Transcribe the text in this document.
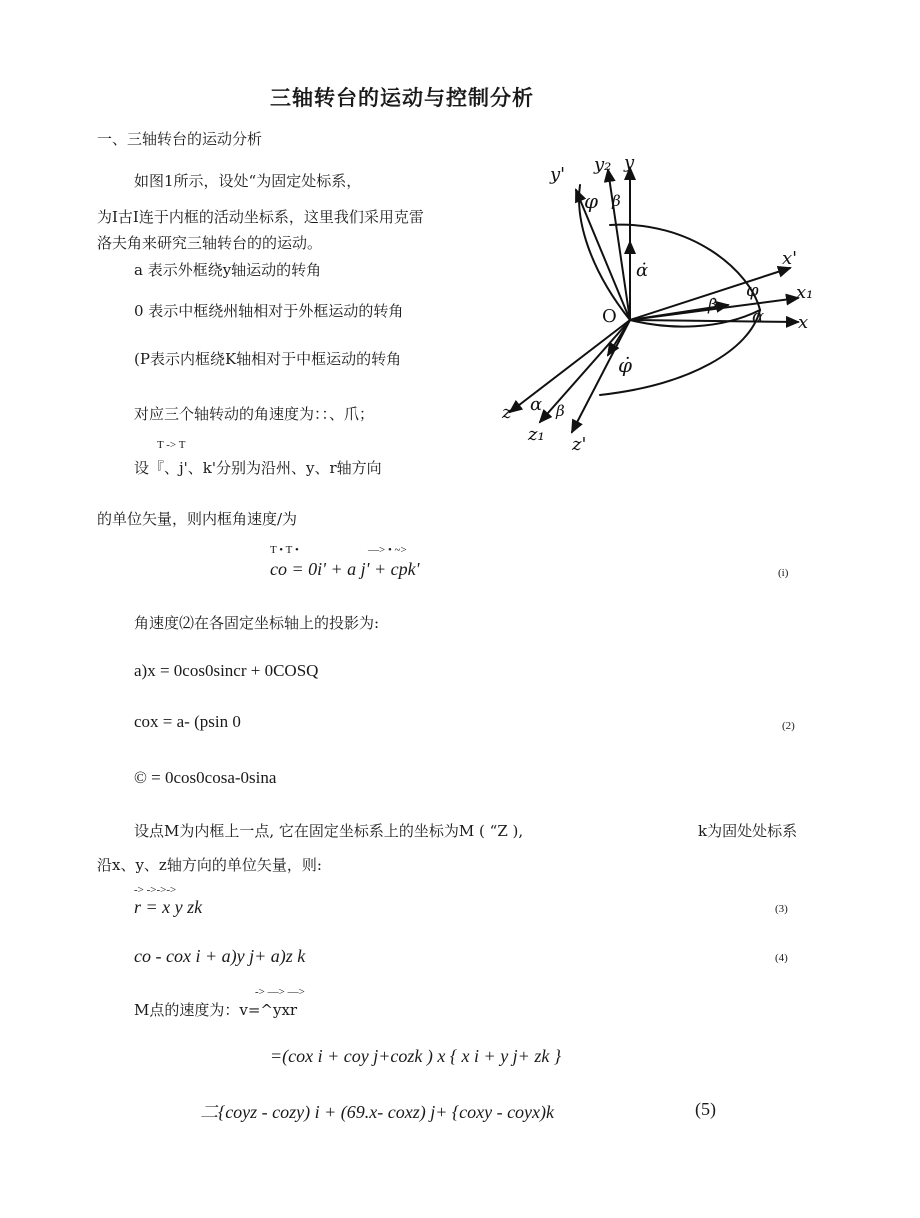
三轴转台的运动与控制分析
一、三轴转台的运动分析
如图1所示，设处“为固定处标系，
为I古I连于内框的活动坐标系，这里我们采用克雷
洛夫角来研究三轴转台的的运动。
a 表示外框绕y轴运动的转角
0 表示中框绕州轴相对于外框运动的转角
(P表示内框绕K轴相对于中框运动的转角
对应三个轴转动的角速度为：：、爪；
T -> T
设『、j'、k'分别为沿州、y、r轴方向
的单位矢量，则内框角速度/为
T • T •	—> • ~>
co = 0i' + a j' + cpk'	(i)
角速度⑵在各固定坐标轴上的投影为:
a)x = 0cos0sincr + 0COSQ
cox = a- (psin 0	(2)
© = 0cos0cosa-0sina
设点M为内框上一点, 它在固定坐标系上的坐标为M ( “Z ),	k为固处处标系
沿x、y、z轴方向的单位矢量，则:
-> ->->->
r = x y zk	(3)
co - cox i + a)y j+ a)z k	(4)
-> —> —>
M点的速度为：v=^yxr
=(cox i + coy j+cozk ) x { x i + y j+ zk }
二{coyz - cozy) i + (69.x- coxz) j+ {coxy - coyx)k	(5)
y' y₂ y
φ β
α̇
x'
x₁
x
O
β̇
φ
α
φ̇
z α β
z₁ z'
